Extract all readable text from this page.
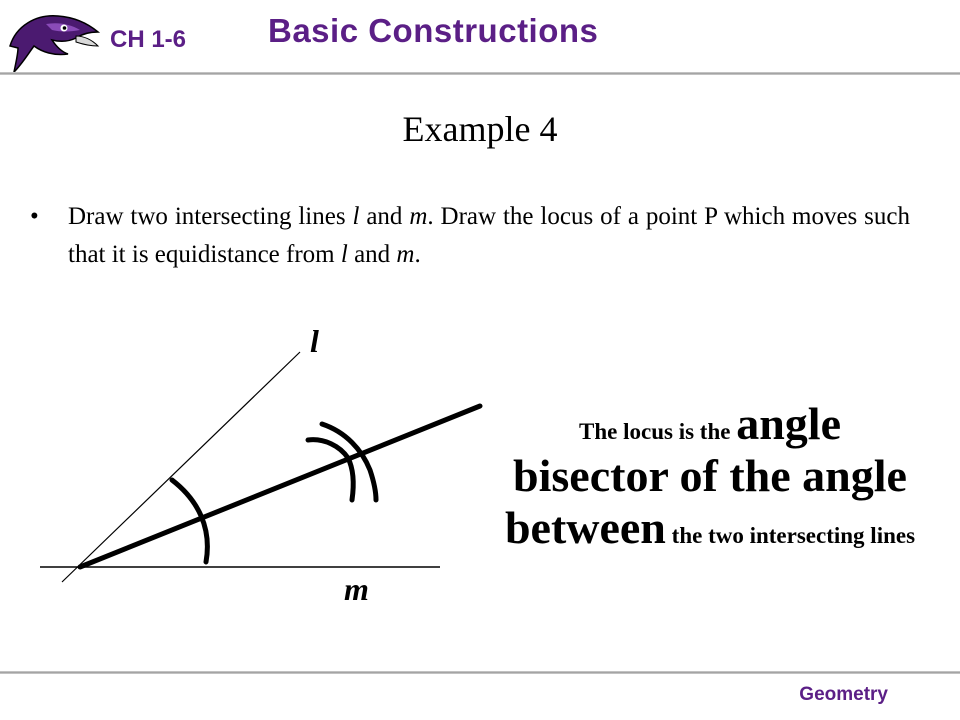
CH 1-6 Basic Constructions
Example 4
• Draw two intersecting lines l and m. Draw the locus of a point P which moves such that it is equidistance from l and m.
l
m
The locus is the angle bisector of the angle between the two intersecting lines
Geometry
